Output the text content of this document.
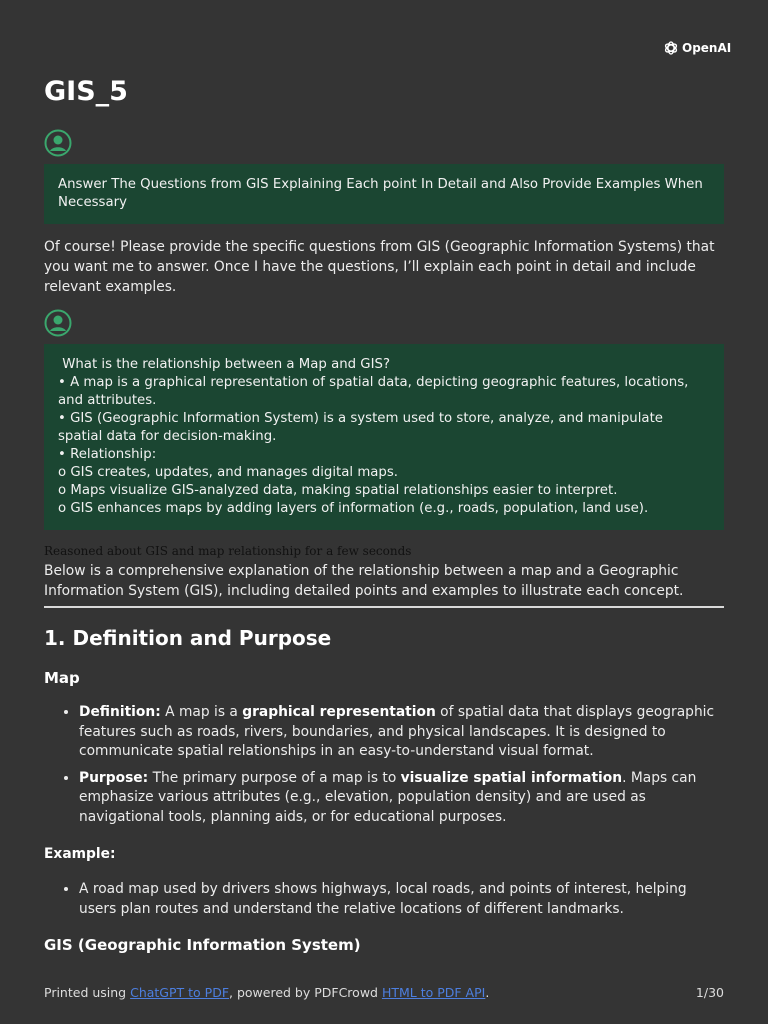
OpenAI
GIS_5

Answer The Questions from GIS Explaining Each point In Detail and Also Provide Examples When Necessary

Of course! Please provide the specific questions from GIS (Geographic Information Systems) that you want me to answer. Once I have the questions, I’ll explain each point in detail and include relevant examples.

What is the relationship between a Map and GIS?

• A map is a graphical representation of spatial data, depicting geographic features, locations, and attributes.

• GIS (Geographic Information System) is a system used to store, analyze, and manipulate spatial data for decision-making.

• Relationship:

o GIS creates, updates, and manages digital maps.

o Maps visualize GIS-analyzed data, making spatial relationships easier to interpret.

o GIS enhances maps by adding layers of information (e.g., roads, population, land use).

Reasoned about GIS and map relationship for a few seconds

Below is a comprehensive explanation of the relationship between a map and a Geographic Information System (GIS), including detailed points and examples to illustrate each concept.

1. Definition and Purpose
Map
• Definition: A map is a graphical representation of spatial data that displays geographic features such as roads, rivers, boundaries, and physical landscapes. It is designed to communicate spatial relationships in an easy-to-understand visual format.
• Purpose: The primary purpose of a map is to visualize spatial information. Maps can emphasize various attributes (e.g., elevation, population density) and are used as navigational tools, planning aids, or for educational purposes.
Example:
• A road map used by drivers shows highways, local roads, and points of interest, helping users plan routes and understand the relative locations of different landmarks.
GIS (Geographic Information System)
Printed using ChatGPT to PDF, powered by PDFCrowd HTML to PDF API.	1/30
